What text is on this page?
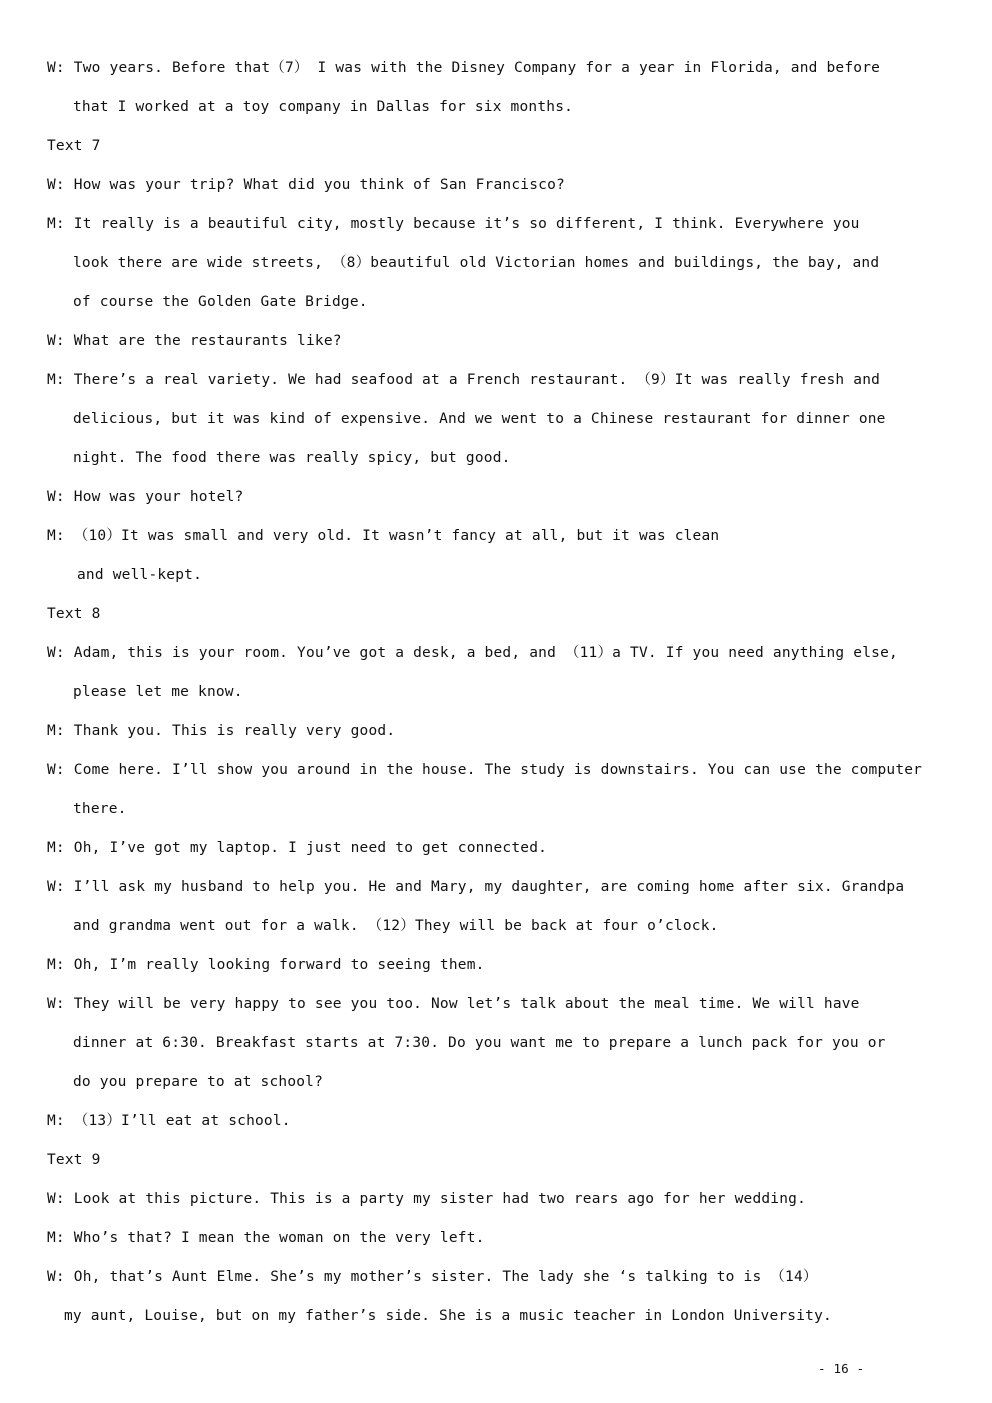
W: Two years. Before that（7） I was with the Disney Company for a year in Florida, and before
that I worked at a toy company in Dallas for six months.
Text 7
W: How was your trip? What did you think of San Francisco?
M: It really is a beautiful city, mostly because it’s so different, I think. Everywhere you
look there are wide streets, （8）beautiful old Victorian homes and buildings, the bay, and
of course the Golden Gate Bridge.
W: What are the restaurants like?
M: There’s a real variety. We had seafood at a French restaurant. （9）It was really fresh and
delicious, but it was kind of expensive. And we went to a Chinese restaurant for dinner one
night. The food there was really spicy, but good.
W: How was your hotel?
M: （10）It was small and very old. It wasn’t fancy at all, but it was clean
and well-kept.
Text 8
W: Adam, this is your room. You’ve got a desk, a bed, and （11）a TV. If you need anything else,
please let me know.
M: Thank you. This is really very good.
W: Come here. I’ll show you around in the house. The study is downstairs. You can use the computer
there.
M: Oh, I’ve got my laptop. I just need to get connected.
W: I’ll ask my husband to help you. He and Mary, my daughter, are coming home after six. Grandpa
and grandma went out for a walk. （12）They will be back at four o’clock.
M: Oh, I’m really looking forward to seeing them.
W: They will be very happy to see you too. Now let’s talk about the meal time. We will have
dinner at 6:30. Breakfast starts at 7:30. Do you want me to prepare a lunch pack for you or
do you prepare to at school?
M: （13）I’ll eat at school.
Text 9
W: Look at this picture. This is a party my sister had two rears ago for her wedding.
M: Who’s that? I mean the woman on the very left.
W: Oh, that’s Aunt Elme. She’s my mother’s sister. The lady she ‘s talking to is （14）
my aunt, Louise, but on my father’s side. She is a music teacher in London University.
- 16 -
